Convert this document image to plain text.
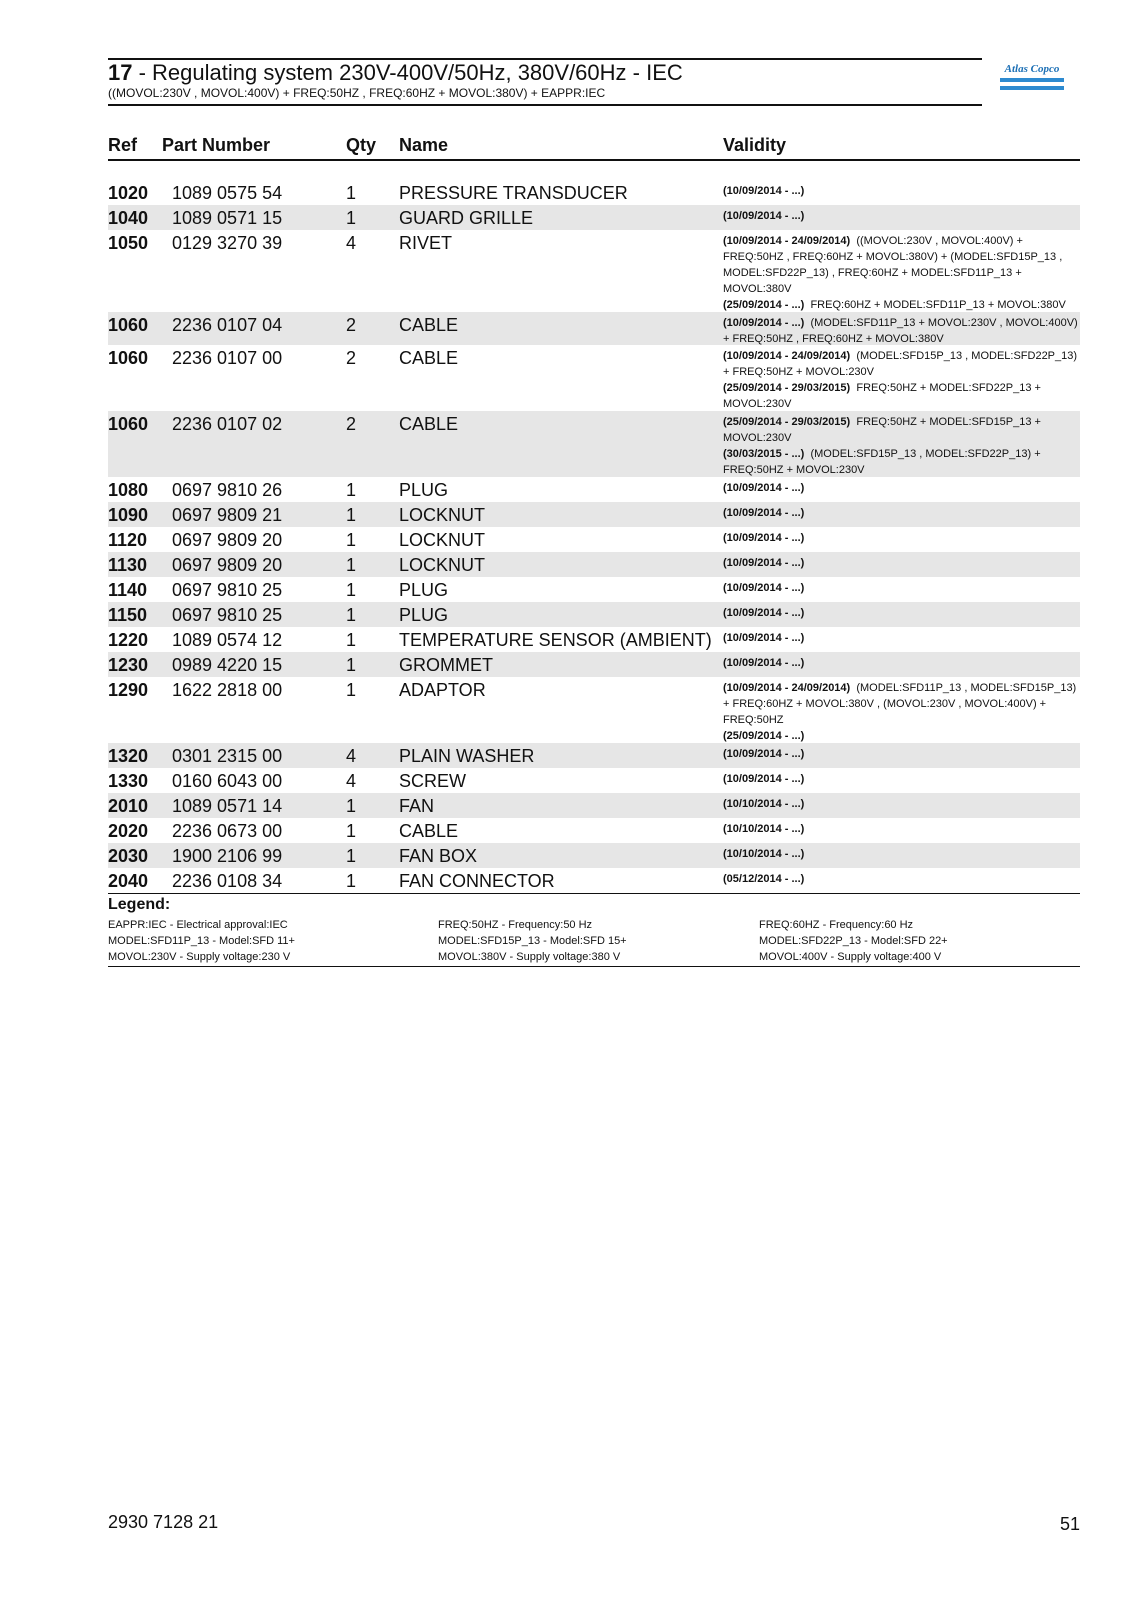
17 - Regulating system 230V-400V/50Hz, 380V/60Hz - IEC
((MOVOL:230V , MOVOL:400V) + FREQ:50HZ , FREQ:60HZ + MOVOL:380V) + EAPPR:IEC
Atlas Copco
Ref Part Number	Qty Name	Validity
1020 1089 0575 54	1 PRESSURE TRANSDUCER	(10/09/2014 - ...)
1040 1089 0571 15	1 GUARD GRILLE	(10/09/2014 - ...)
1050 0129 3270 39	4 RIVET	(10/09/2014 - 24/09/2014) ((MOVOL:230V , MOVOL:400V) + FREQ:50HZ , FREQ:60HZ + MOVOL:380V) + (MODEL:SFD15P_13 , MODEL:SFD22P_13) , FREQ:60HZ + MODEL:SFD11P_13 + MOVOL:380V
(25/09/2014 - ...) FREQ:60HZ + MODEL:SFD11P_13 + MOVOL:380V
1060 2236 0107 04	2 CABLE	(10/09/2014 - ...) (MODEL:SFD11P_13 + MOVOL:230V , MOVOL:400V) + FREQ:50HZ , FREQ:60HZ + MOVOL:380V
1060 2236 0107 00	2 CABLE	(10/09/2014 - 24/09/2014) (MODEL:SFD15P_13 , MODEL:SFD22P_13) + FREQ:50HZ + MOVOL:230V
(25/09/2014 - 29/03/2015) FREQ:50HZ + MODEL:SFD22P_13 + MOVOL:230V
1060 2236 0107 02	2 CABLE	(25/09/2014 - 29/03/2015) FREQ:50HZ + MODEL:SFD15P_13 + MOVOL:230V
(30/03/2015 - ...) (MODEL:SFD15P_13 , MODEL:SFD22P_13) + FREQ:50HZ + MOVOL:230V
1080 0697 9810 26	1 PLUG	(10/09/2014 - ...)
1090 0697 9809 21	1 LOCKNUT	(10/09/2014 - ...)
1120 0697 9809 20	1 LOCKNUT	(10/09/2014 - ...)
1130 0697 9809 20	1 LOCKNUT	(10/09/2014 - ...)
1140 0697 9810 25	1 PLUG	(10/09/2014 - ...)
1150 0697 9810 25	1 PLUG	(10/09/2014 - ...)
1220 1089 0574 12	1 TEMPERATURE SENSOR (AMBIENT) (10/09/2014 - ...)
1230 0989 4220 15	1 GROMMET	(10/09/2014 - ...)
1290 1622 2818 00	1 ADAPTOR	(10/09/2014 - 24/09/2014) (MODEL:SFD11P_13 , MODEL:SFD15P_13) + FREQ:60HZ + MOVOL:380V , (MOVOL:230V , MOVOL:400V) + FREQ:50HZ
(25/09/2014 - ...)
1320 0301 2315 00	4 PLAIN WASHER	(10/09/2014 - ...)
1330 0160 6043 00	4 SCREW	(10/09/2014 - ...)
2010 1089 0571 14	1 FAN	(10/10/2014 - ...)
2020 2236 0673 00	1 CABLE	(10/10/2014 - ...)
2030 1900 2106 99	1 FAN BOX	(10/10/2014 - ...)
2040 2236 0108 34	1 FAN CONNECTOR	(05/12/2014 - ...)
Legend:
EAPPR:IEC - Electrical approval:IEC	FREQ:50HZ - Frequency:50 Hz	FREQ:60HZ - Frequency:60 Hz
MODEL:SFD11P_13 - Model:SFD 11+	MODEL:SFD15P_13 - Model:SFD 15+	MODEL:SFD22P_13 - Model:SFD 22+
MOVOL:230V - Supply voltage:230 V	MOVOL:380V - Supply voltage:380 V	MOVOL:400V - Supply voltage:400 V
2930 7128 21	51
